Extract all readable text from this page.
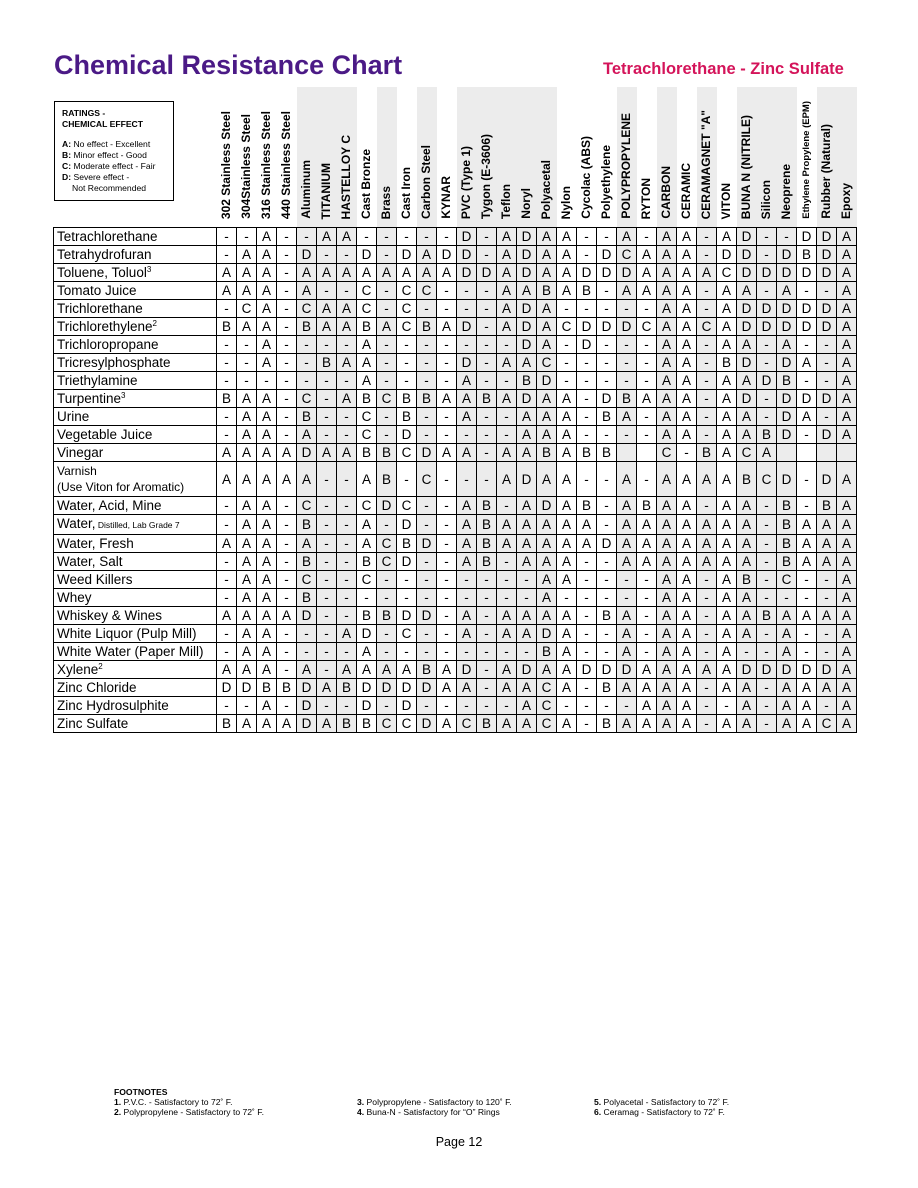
Chemical Resistance Chart	Tetrachlorethane - Zinc Sulfate
	302 Stainless Steel	304Stainless Steel	316 Stainless Steel	440 Stainless Steel	Aluminum	TITANIUM	HASTELLOY C	Cast Bronze	Brass	Cast Iron	Carbon Steel	KYNAR	PVC (Type 1)	Tygon (E-3606)	Teflon	Noryl	Polyacetal	Nylon	Cycolac (ABS)	Polyethylene	POLYPROPYLENE	RYTON	CARBON	CERAMIC	CERAMAGNET "A"	VITON	BUNA N (NITRILE)	Silicon	Neoprene	Ethylene Propylene (EPM)	Rubber (Natural)	Epoxy
Tetrachlorethane	-	-	A	-	-	A	A	-	-	-	-	-	D	-	A	D	A	A	-	-	A	-	A	A	-	A	D	-	-	D	D	A
Tetrahydrofuran	-	A	A	-	D	-	-	D	-	D	A	D	D	-	A	D	A	A	-	D	C	A	A	A	-	D	D	-	D	B	D	A
Toluene, Toluol$^3$	A	A	A	-	A	A	A	A	A	A	A	A	D	D	A	D	A	A	D	D	D	A	A	A	A	C	D	D	D	D	D	A
Tomato Juice	A	A	A	-	A	-	-	C	-	C	C	-	-	-	A	A	B	A	B	-	A	A	A	A	-	A	A	-	A	-	-	A
Trichlorethane	-	C	A	-	C	A	A	C	-	C	-	-	-	-	A	D	A	-	-	-	-	-	A	A	-	A	D	D	D	D	D	A
Trichlorethylene$^2$	B	A	A	-	B	A	A	B	A	C	B	A	D	-	A	D	A	C	D	D	D	C	A	A	C	A	D	D	D	D	D	A
Trichloropropane	-	-	A	-	-	-	-	A	-	-	-	-	-	-	-	D	A	-	D	-	-	-	A	A	-	A	A	-	A	-	-	A
Tricresylphosphate	-	-	A	-	-	B	A	A	-	-	-	-	D	-	A	A	C	-	-	-	-	-	A	A	-	B	D	-	D	A	-	A
Triethylamine	-	-	-	-	-	-	-	A	-	-	-	-	A	-	-	B	D	-	-	-	-	-	A	A	-	A	A	D	B	-	-	A
Turpentine$^3$	B	A	A	-	C	-	A	B	C	B	B	A	A	B	A	D	A	A	-	D	B	A	A	A	-	A	D	-	D	D	D	A
Urine	-	A	A	-	B	-	-	C	-	B	-	-	A	-	-	A	A	A	-	B	A	-	A	A	-	A	A	-	D	A	-	A
Vegetable Juice	-	A	A	-	A	-	-	C	-	D	-	-	-	-	-	A	A	A	-	-	-	-	A	A	-	A	A	B	D	-	D	A
Vinegar	A	A	A	A	D	A	A	B	B	C	D	A	A	-	A	A	B	A	B	B			C	-	B	A	C	A				

Varnish
(Use Viton for Aromatic)	A	A	A	A	A	-	-	A	B	-	C	-	-	-	A	D	A	A	-	-	A	-	A	A	A	A	B	C	D	-	D	A
Water, Acid, Mine	-	A	A	-	C	-	-	C	D	C	-	-	A	B	-	A	D	A	B	-	A	B	A	A	-	A	A	-	B	-	B	A
Water, Distilled, Lab Grade 7	-	A	A	-	B	-	-	A	-	D	-	-	A	B	A	A	A	A	A	-	A	A	A	A	A	A	A	-	B	A	A	A
Water, Fresh	A	A	A	-	A	-	-	A	C	B	D	-	A	B	A	A	A	A	A	D	A	A	A	A	A	A	A	-	B	A	A	A
Water, Salt	-	A	A	-	B	-	-	B	C	D	-	-	A	B	-	A	A	A	-	-	A	A	A	A	A	A	A	-	B	A	A	A
Weed Killers	-	A	A	-	C	-	-	C	-	-	-	-	-	-	-	-	A	A	-	-	-	-	A	A	-	A	B	-	C	-	-	A
Whey	-	A	A	-	B	-	-	-	-	-	-	-	-	-	-	-	A	-	-	-	-	-	A	A	-	A	A	-	-	-	-	A
Whiskey & Wines	A	A	A	A	D	-	-	B	B	D	D	-	A	-	A	A	A	A	-	B	A	-	A	A	-	A	A	B	A	A	A	A
White Liquor (Pulp Mill)	-	A	A	-	-	-	A	D	-	C	-	-	A	-	A	A	D	A	-	-	A	-	A	A	-	A	A	-	A	-	-	A
White Water (Paper Mill)	-	A	A	-	-	-	-	A	-	-	-	-	-	-	-	-	B	A	-	-	A	-	A	A	-	A	-	-	A	-	-	A
Xylene$^2$	A	A	A	-	A	-	A	A	A	A	B	A	D	-	A	D	A	A	D	D	D	A	A	A	A	A	D	D	D	D	D	A
Zinc Chloride	D	D	B	B	D	A	B	D	D	D	D	A	A	-	A	A	C	A	-	B	A	A	A	A	-	A	A	-	A	A	A	A
Zinc Hydrosulphite	-	-	A	-	D	-	-	D	-	D	-	-	-	-	-	A	C	-	-	-	-	A	A	A	-	-	A	-	A	A	-	A
Zinc Sulfate	B	A	A	A	D	A	B	B	C	C	D	A	C	B	A	A	C	A	-	B	A	A	A	A	-	A	A	-	A	A	C	A
RATINGS -
CHEMICAL EFFECT
A: No effect - Excellent
B: Minor effect - Good
C: Moderate effect - Fair
D: Severe effect -
Not Recommended
FOOTNOTES
1. P.V.C. - Satisfactory to 72˚ F.	3. Polypropylene - Satisfactory to 120˚ F.	5. Polyacetal - Satisfactory to 72˚ F.
2. Polypropylene - Satisfactory to 72˚ F.	4. Buna-N - Satisfactory for “O” Rings	6. Ceramag - Satisfactory to 72˚ F.
Page 12
